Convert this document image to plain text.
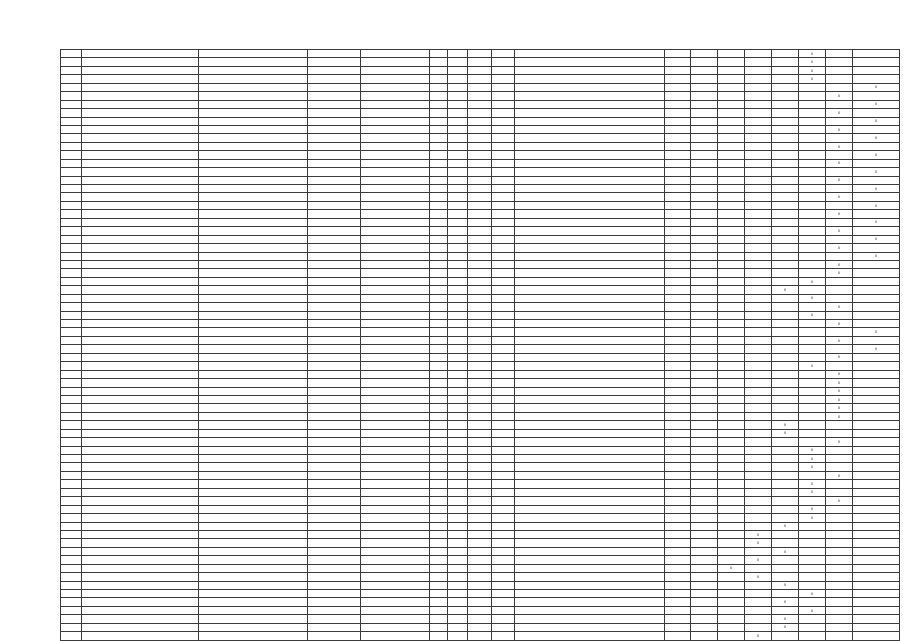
															X		
															X		
															X		
															X		
																	X
																X	
																	X
																X	
																	X
																X	
																	X
																X	
																	X
																X	
																	X
																X	
																	X
																X	
																	X
																X	
																	X
																X	
																	X
																X	
																	X
																X	
																X	
															X		
														X			
															X		
																X	
															X		
																X	
																	X
																X	
																	X
																X	
															X		
																X	
																X	
																X	
																X	
																X	
																X	
														X			
														X			
																X	
															X		
															X		
															X		
																X	
															X		
															X		
																X	
															X		
															X		
														X			
													X				
													X				
														X			
													X				
												X					
													X				
														X			
															X		
														X			
															X		
														X			
														X			
													X				
